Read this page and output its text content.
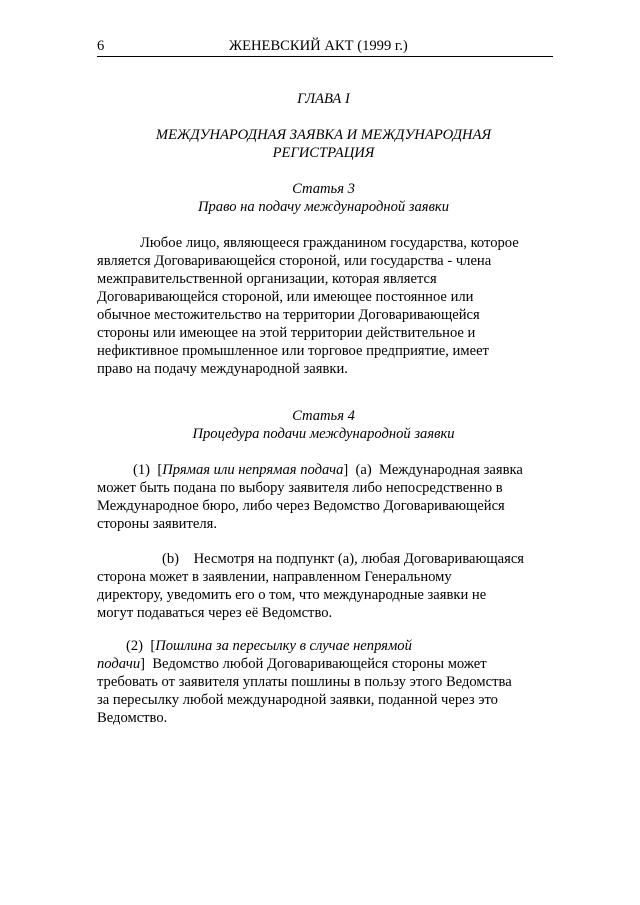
6	ЖЕНЕВСКИЙ АКТ (1999 г.)
ГЛАВА I
МЕЖДУНАРОДНАЯ ЗАЯВКА И МЕЖДУНАРОДНАЯ
РЕГИСТРАЦИЯ
Статья 3
Право на подачу международной заявки
Любое лицо, являющееся гражданином государства, которое
является Договаривающейся стороной, или государства - члена
межправительственной организации, которая является
Договаривающейся стороной, или имеющее постоянное или
обычное местожительство на территории Договаривающейся
стороны или имеющее на этой территории действительное и
нефиктивное промышленное или торговое предприятие, имеет
право на подачу международной заявки.
Статья 4
Процедура подачи международной заявки
(1) [Прямая или непрямая подача] (a) Международная заявка
может быть подана по выбору заявителя либо непосредственно в
Международное бюро, либо через Ведомство Договаривающейся
стороны заявителя.
(b) Несмотря на подпункт (a), любая Договаривающаяся
сторона может в заявлении, направленном Генеральному
директору, уведомить его о том, что международные заявки не
могут подаваться через её Ведомство.
(2) [Пошлина за пересылку в случае непрямой
подачи] Ведомство любой Договаривающейся стороны может
требовать от заявителя уплаты пошлины в пользу этого Ведомства
за пересылку любой международной заявки, поданной через это
Ведомство.
